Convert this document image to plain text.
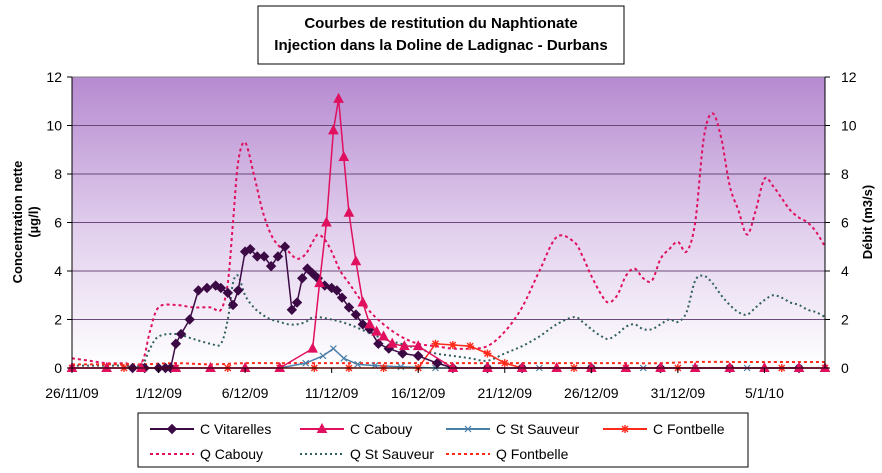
Courbes de restitution du Naphtionate
Injection dans la Doline de Ladignac - Durbans
0
2
4
6
8
10
12
0
2
4
6
8
10
12
26/11/09	1/12/09	6/12/09	11/12/09 16/12/09 21/12/09 26/12/09 31/12/09	5/1/10
Concentration nette (µg/l)	Débit (m3/s)
C Vitarelles	C Cabouy	C St Sauveur	C Fontbelle
Q Cabouy	Q St Sauveur	Q Fontbelle
